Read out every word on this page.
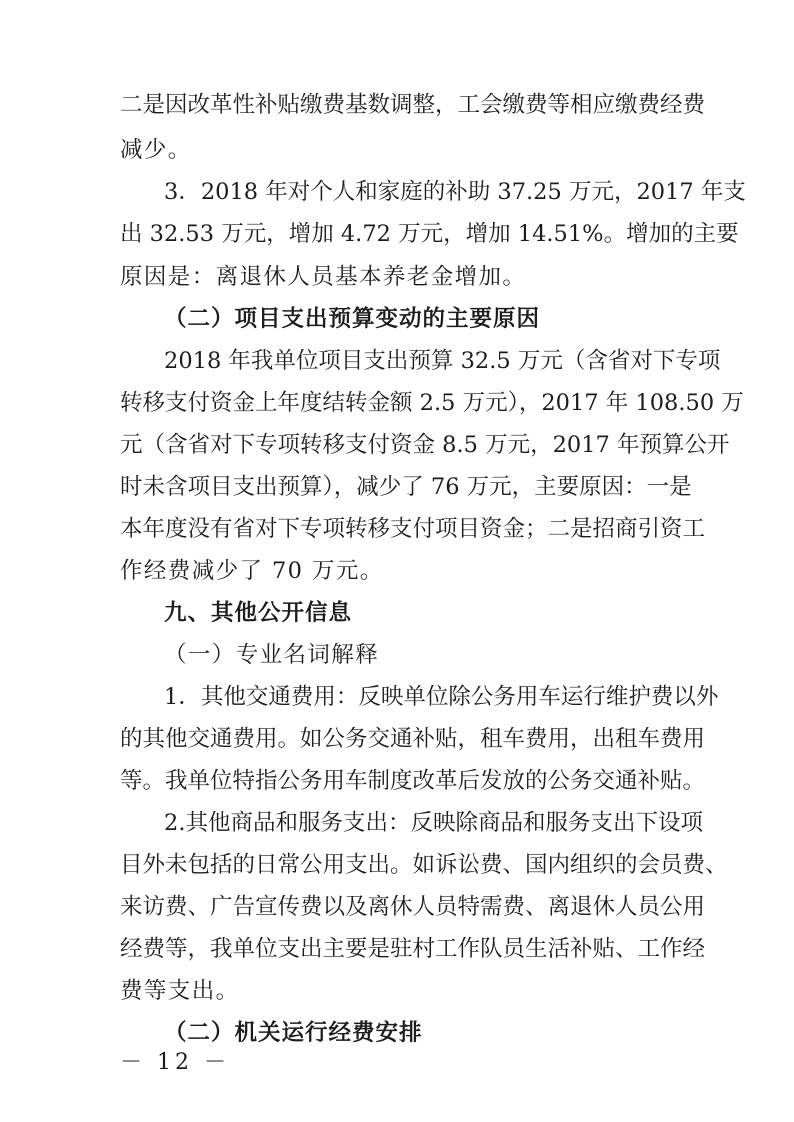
二是因改革性补贴缴费基数调整，工会缴费等相应缴费经费
减少。
3．2018 年对个人和家庭的补助 37.25 万元，2017 年支
出 32.53 万元，增加 4.72 万元，增加 14.51%。增加的主要
原因是：离退休人员基本养老金增加。
（二）项目支出预算变动的主要原因
2018 年我单位项目支出预算 32.5 万元（含省对下专项
转移支付资金上年度结转金额 2.5 万元），2017 年 108.50 万
元（含省对下专项转移支付资金 8.5 万元，2017 年预算公开
时未含项目支出预算），减少了 76 万元，主要原因：一是
本年度没有省对下专项转移支付项目资金；二是招商引资工
作经费减少了 70 万元。
九、其他公开信息
（一）专业名词解释
1．其他交通费用：反映单位除公务用车运行维护费以外
的其他交通费用。如公务交通补贴，租车费用，出租车费用
等。我单位特指公务用车制度改革后发放的公务交通补贴。
2.其他商品和服务支出：反映除商品和服务支出下设项
目外未包括的日常公用支出。如诉讼费、国内组织的会员费、
来访费、广告宣传费以及离休人员特需费、离退休人员公用
经费等，我单位支出主要是驻村工作队员生活补贴、工作经
费等支出。
（二）机关运行经费安排
－ 12 －
